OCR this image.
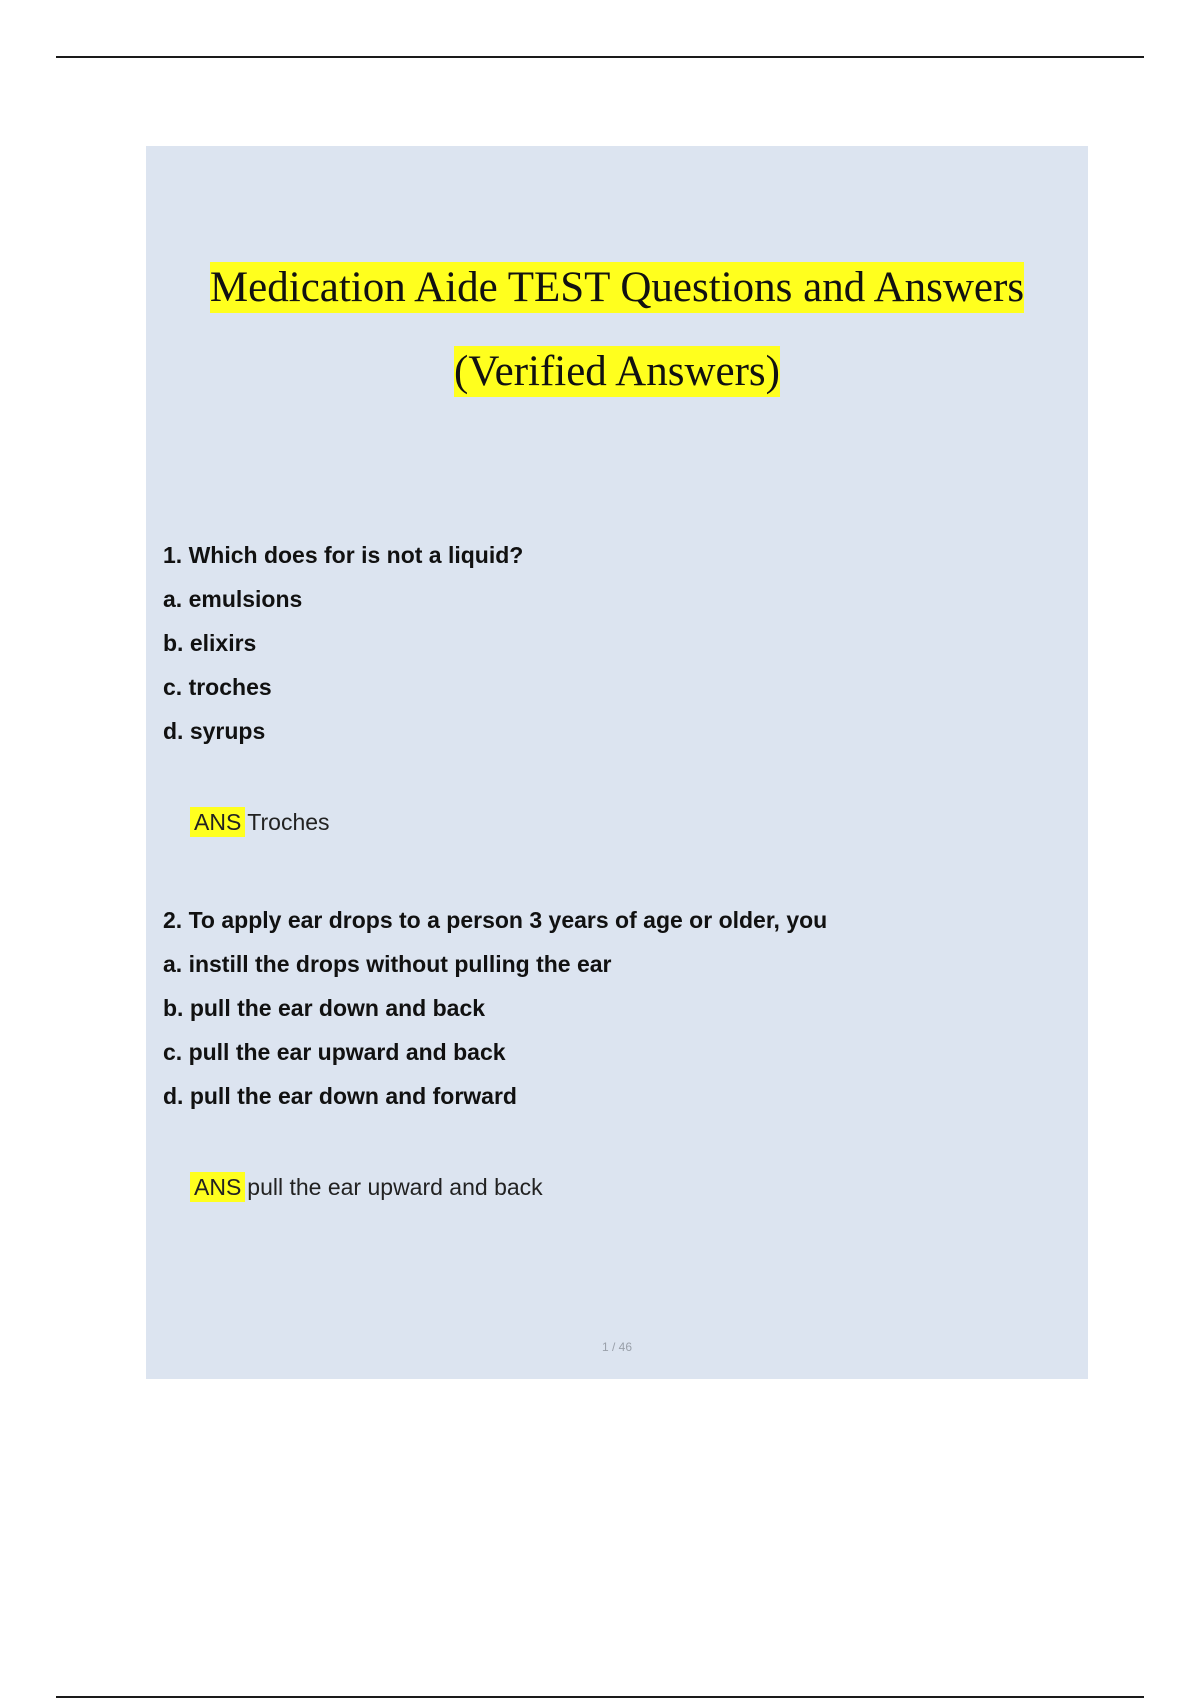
Medication Aide TEST Questions and Answers
(Verified Answers)
1. Which does for is not a liquid?
a. emulsions
b. elixirs
c. troches
d. syrups
ANS Troches
2. To apply ear drops to a person 3 years of age or older, you
a. instill the drops without pulling the ear
b. pull the ear down and back
c. pull the ear upward and back
d. pull the ear down and forward
ANS pull the ear upward and back
1 / 46
